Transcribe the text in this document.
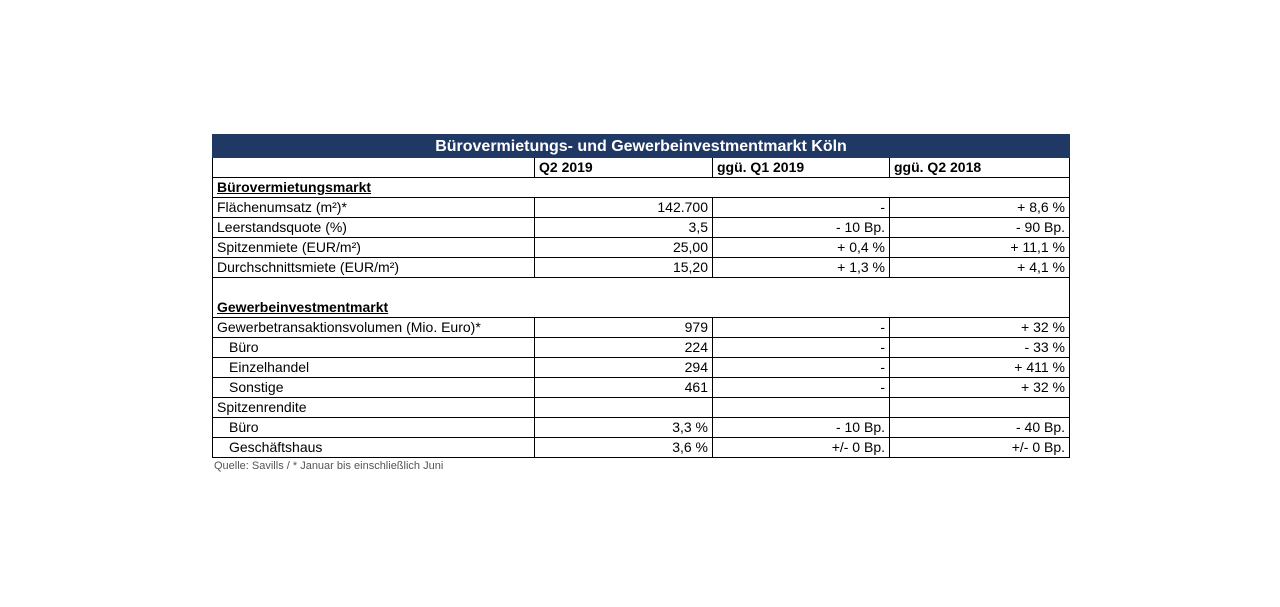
Bürovermietungs- und Gewerbeinvestmentmarkt Köln			
	Q2 2019	ggü. Q1 2019	ggü. Q2 2018
Bürovermietungsmarkt			
Flächenumsatz (m²)*	142.700	-	+ 8,6 %
Leerstandsquote (%)	3,5	- 10 Bp.	- 90 Bp.
Spitzenmiete (EUR/m²)	25,00	+ 0,4 %	+ 11,1 %
Durchschnittsmiete (EUR/m²)	15,20	+ 1,3 %	+ 4,1 %

Gewerbeinvestmentmarkt			
Gewerbetransaktionsvolumen (Mio. Euro)*	979	-	+ 32 %
Büro	224	-	- 33 %
Einzelhandel	294	-	+ 411 %
Sonstige	461	-	+ 32 %
Spitzenrendite			
Büro	3,3 %	- 10 Bp.	- 40 Bp.
Geschäftshaus	3,6 %	+/- 0 Bp.	+/- 0 Bp.
Quelle: Savills / * Januar bis einschließlich Juni
